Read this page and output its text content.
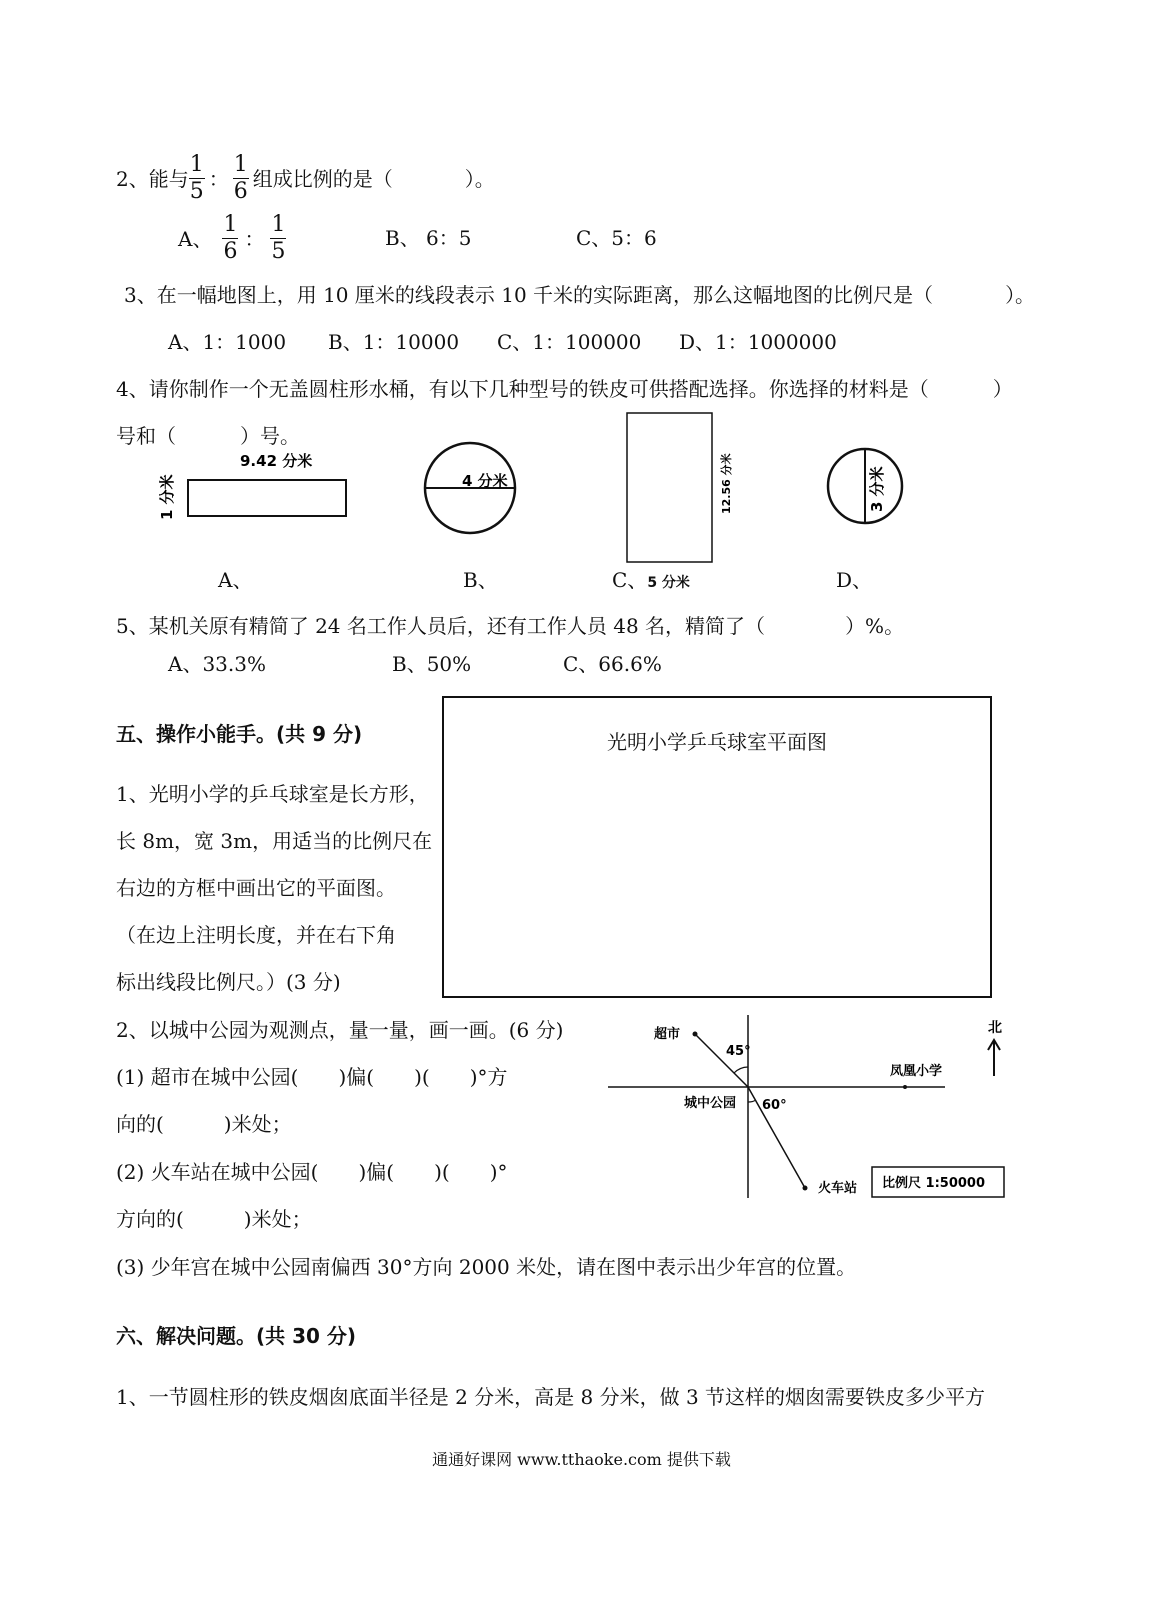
2、能与 $\frac{1}{5}$ ： $\frac{1}{6}$ 组成比例的是（	）。
A、 $\frac{1}{6}$ ： $\frac{1}{5}$	B、 6：5	C、5：6
3、在一幅地图上，用 10 厘米的线段表示 10 千米的实际距离，那么这幅地图的比例尺是（	）。
A、1：1000 B、1：10000 C、1：100000 D、1：1000000
4、请你制作一个无盖圆柱形水桶，有以下几种型号的铁皮可供搭配选择。你选择的材料是（	）
号和（	）号。
9.42 分米
1 分米	4 分米	12.56 分米	3 分米
A、	B、	C、5 分米	D、
5、某机关原有精简了 24 名工作人员后，还有工作人员 48 名，精简了（	）%。
A、33.3%	B、50%	C、66.6%
五、操作小能手。(共 9 分)	光明小学乒乓球室平面图
1、光明小学的乒乓球室是长方形，
长 8m，宽 3m，用适当的比例尺在
右边的方框中画出它的平面图。
（在边上注明长度，并在右下角
标出线段比例尺。）(3 分)
2、以城中公园为观测点，量一量，画一画。(6 分)
(1) 超市在城中公园(　　)偏(　　)(　　)°方
向的(　　　)米处；
(2) 火车站在城中公园(　　)偏(　　)(　　)°
方向的(　　　)米处；
(3) 少年宫在城中公园南偏西 30°方向 2000 米处，请在图中表示出少年宫的位置。
超市
45°
凤凰小学
城中公园 60°
火车站 比例尺 1:50000
北
六、解决问题。(共 30 分)
1、一节圆柱形的铁皮烟囱底面半径是 2 分米，高是 8 分米，做 3 节这样的烟囱需要铁皮多少平方
通通好课网 www.tthaoke.com 提供下载
